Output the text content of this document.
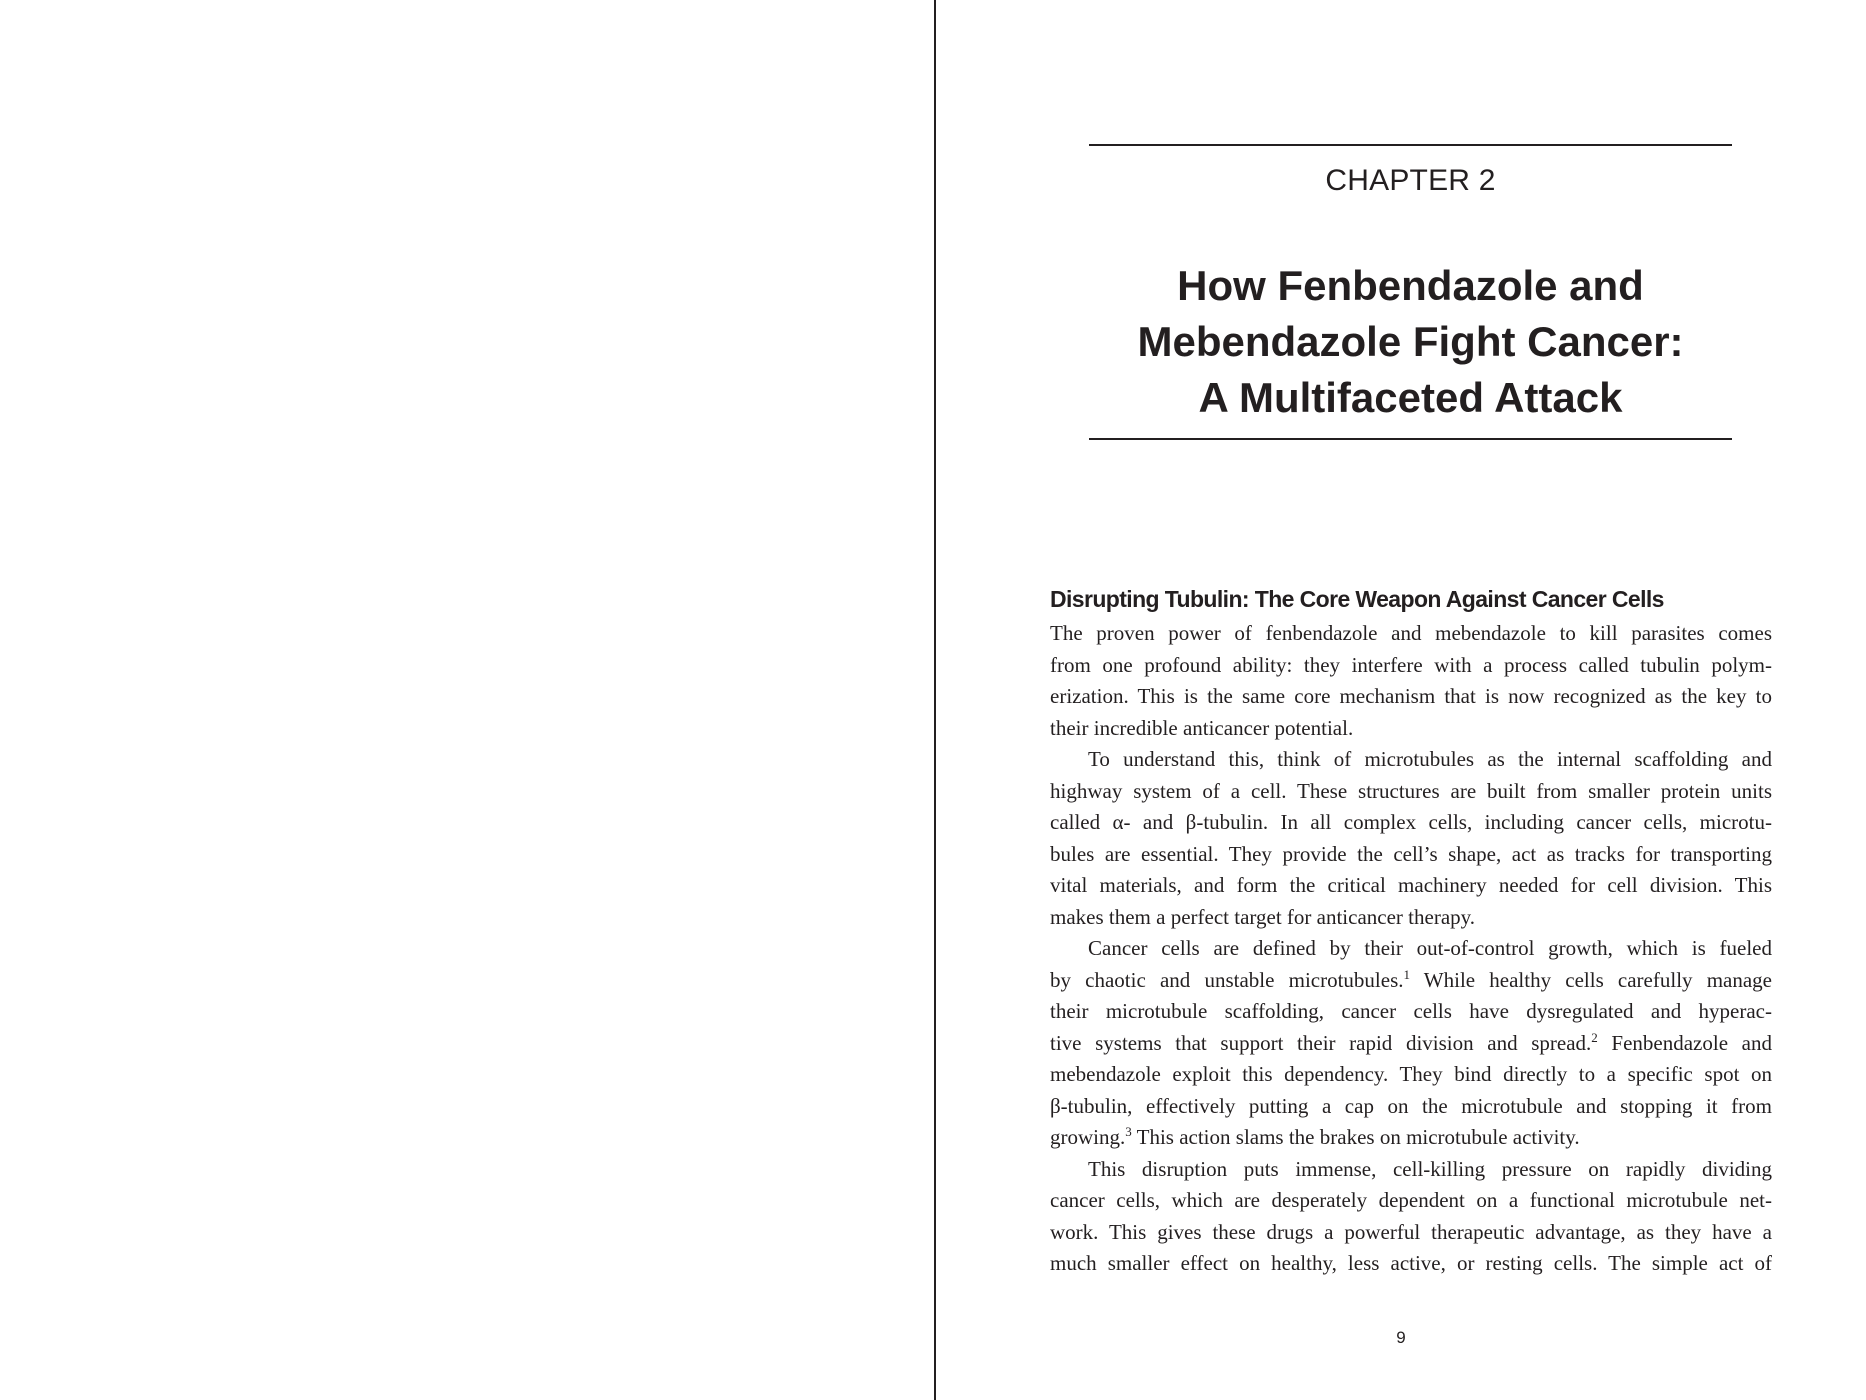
CHAPTER 2
How Fenbendazole and
Mebendazole Fight Cancer:
A Multifaceted Attack
Disrupting Tubulin: The Core Weapon Against Cancer Cells
The proven power of fenbendazole and mebendazole to kill parasites comes
from one profound ability: they interfere with a process called tubulin polym-
erization. This is the same core mechanism that is now recognized as the key to
their incredible anticancer potential.
To understand this, think of microtubules as the internal scaffolding and
highway system of a cell. These structures are built from smaller protein units
called α- and β-tubulin. In all complex cells, including cancer cells, microtu-
bules are essential. They provide the cell’s shape, act as tracks for transporting
vital materials, and form the critical machinery needed for cell division. This
makes them a perfect target for anticancer therapy.
Cancer cells are defined by their out-of-control growth, which is fueled
by chaotic and unstable microtubules.$^1$ While healthy cells carefully manage
their microtubule scaffolding, cancer cells have dysregulated and hyperac-
tive systems that support their rapid division and spread.$^2$ Fenbendazole and
mebendazole exploit this dependency. They bind directly to a specific spot on
β-tubulin, effectively putting a cap on the microtubule and stopping it from
growing.$^3$ This action slams the brakes on microtubule activity.
This disruption puts immense, cell-killing pressure on rapidly dividing
cancer cells, which are desperately dependent on a functional microtubule net-
work. This gives these drugs a powerful therapeutic advantage, as they have a
much smaller effect on healthy, less active, or resting cells. The simple act of
9
